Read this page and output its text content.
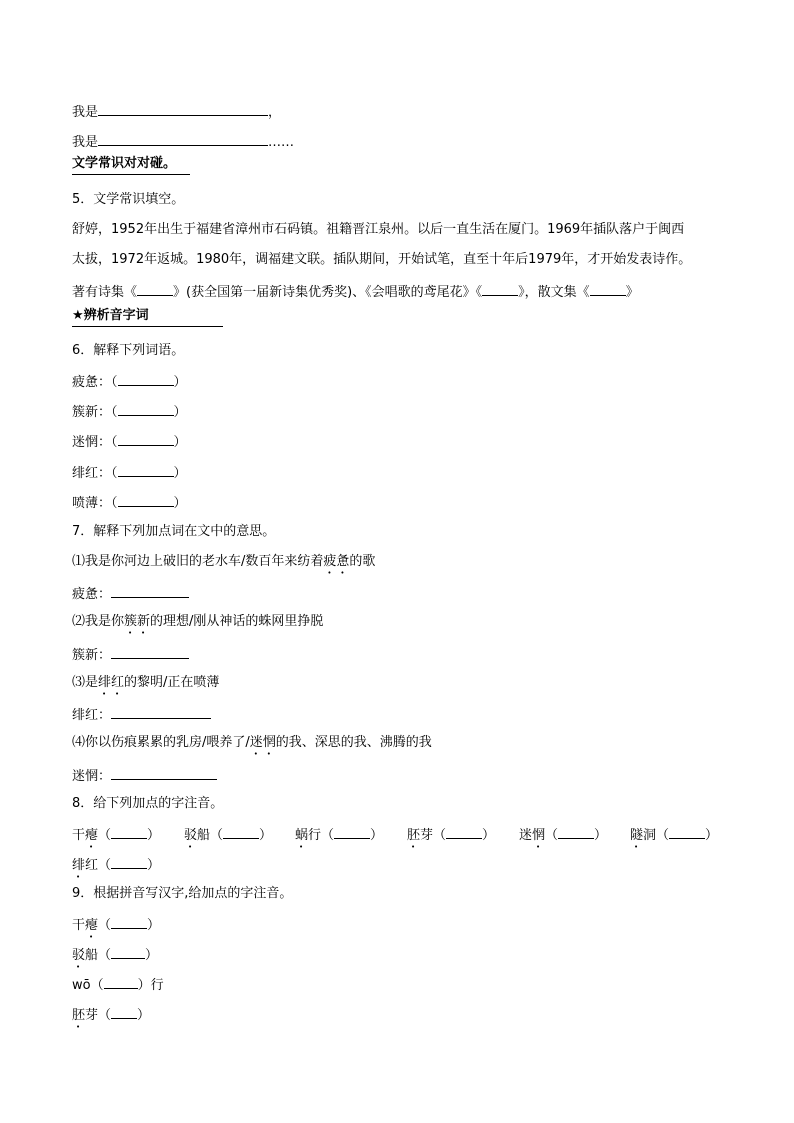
我是	，
我是	……
文学常识对对碰。
5．文学常识填空。
舒婷，1952年出生于福建省漳州市石码镇。祖籍晋江泉州。以后一直生活在厦门。1969年插队落户于闽西
太拔，1972年返城。1980年，调福建文联。插队期间，开始试笔，直至十年后1979年，才开始发表诗作。
著有诗集《	》(获全国第一届新诗集优秀奖)、《会唱歌的鸢尾花》《	》，散文集《	》
★辨析音字词
6．解释下列词语。
疲惫：（	）
簇新：（	）
迷惘：（	）
绯红：（	）
喷薄：（	）
7．解释下列加点词在文中的意思。
⑴我是你河边上破旧的老水车/数百年来纺着疲惫的歌
疲惫：
⑵我是你簇新的理想/刚从神话的蛛网里挣脱
簇新：
⑶是绯红的黎明/正在喷薄
绯红：
⑷你以伤痕累累的乳房/喂养了/迷惘的我、深思的我、沸腾的我
迷惘：
8．给下列加点的字注音。
干瘪（	） 驳船（	） 蜗行（	） 胚芽（	） 迷惘（	） 隧洞（	）
绯红（	）
9．根据拼音写汉字,给加点的字注音。
干瘪（	）
驳船（	）
wō（	）行
胚芽（ ）
